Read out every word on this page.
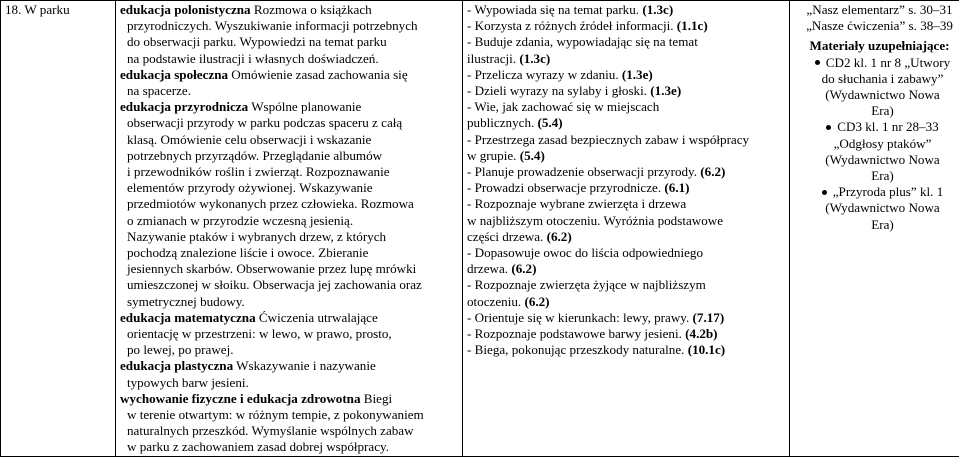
18. W parku	edukacja polonistyczna Rozmowa o książkach
przyrodniczych. Wyszukiwanie informacji potrzebnych
do obserwacji parku. Wypowiedzi na temat parku
na podstawie ilustracji i własnych doświadczeń.
edukacja społeczna Omówienie zasad zachowania się
na spacerze.
edukacja przyrodnicza Wspólne planowanie
obserwacji przyrody w parku podczas spaceru z całą
klasą. Omówienie celu obserwacji i wskazanie
potrzebnych przyrządów. Przeglądanie albumów
i przewodników roślin i zwierząt. Rozpoznawanie
elementów przyrody ożywionej. Wskazywanie
przedmiotów wykonanych przez człowieka. Rozmowa
o zmianach w przyrodzie wczesną jesienią.
Nazywanie ptaków i wybranych drzew, z których
pochodzą znalezione liście i owoce. Zbieranie
jesiennych skarbów. Obserwowanie przez lupę mrówki
umieszczonej w słoiku. Obserwacja jej zachowania oraz
symetrycznej budowy.
edukacja matematyczna Ćwiczenia utrwalające
orientację w przestrzeni: w lewo, w prawo, prosto,
po lewej, po prawej.
edukacja plastyczna Wskazywanie i nazywanie
typowych barw jesieni.
wychowanie fizyczne i edukacja zdrowotna Biegi
w terenie otwartym: w różnym tempie, z pokonywaniem
naturalnych przeszkód. Wymyślanie wspólnych zabaw
w parku z zachowaniem zasad dobrej współpracy.

- Wypowiada się na temat parku. (1.3c)
- Korzysta z różnych źródeł informacji. (1.1c)
- Buduje zdania, wypowiadając się na temat
ilustracji. (1.3c)
- Przelicza wyrazy w zdaniu. (1.3e)
- Dzieli wyrazy na sylaby i głoski. (1.3e)
- Wie, jak zachować się w miejscach
publicznych. (5.4)
- Przestrzega zasad bezpiecznych zabaw i współpracy
w grupie. (5.4)
- Planuje prowadzenie obserwacji przyrody. (6.2)
- Prowadzi obserwacje przyrodnicze. (6.1)
- Rozpoznaje wybrane zwierzęta i drzewa
w najbliższym otoczeniu. Wyróżnia podstawowe
części drzewa. (6.2)
- Dopasowuje owoc do liścia odpowiedniego
drzewa. (6.2)
- Rozpoznaje zwierzęta żyjące w najbliższym
otoczeniu. (6.2)
- Orientuje się w kierunkach: lewy, prawy. (7.17)
- Rozpoznaje podstawowe barwy jesieni. (4.2b)
- Biega, pokonując przeszkody naturalne. (10.1c)

„Nasz elementarz” s. 30–31
„Nasze ćwiczenia” s. 38–39
Materiały uzupełniające:
CD2 kl. 1 nr 8 „Utwory
do słuchania i zabawy”
(Wydawnictwo Nowa
Era)
CD3 kl. 1 nr 28–33
„Odgłosy ptaków”
(Wydawnictwo Nowa
Era)
„Przyroda plus” kl. 1
(Wydawnictwo Nowa
Era)
